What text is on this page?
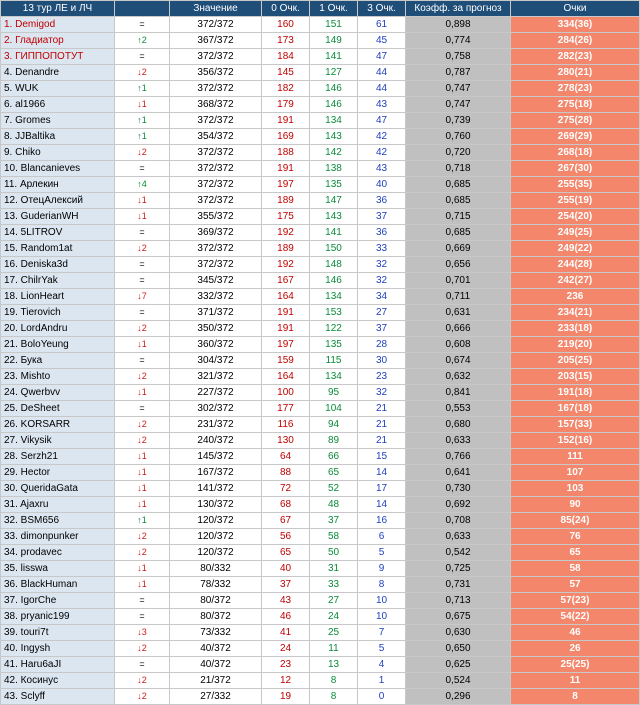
13 тур ЛЕ и ЛЧ		Значение	0 Очк.	1 Очк.	3 Очк.	Коэфф. за прогноз	Очки
1. Demigod	=	372/372	160	151	61	0,898	334(36)
2. Гладиатор	↑2	367/372	173	149	45	0,774	284(26)
3. ГИППОПОТУТ	=	372/372	184	141	47	0,758	282(23)
4. Denandre	↓2	356/372	145	127	44	0,787	280(21)
5. WUK	↑1	372/372	182	146	44	0,747	278(23)
6. al1966	↓1	368/372	179	146	43	0,747	275(18)
7. Gromes	↑1	372/372	191	134	47	0,739	275(28)
8. JJBaltika	↑1	354/372	169	143	42	0,760	269(29)
9. Chiko	↓2	372/372	188	142	42	0,720	268(18)
10. Blancanieves	=	372/372	191	138	43	0,718	267(30)
11. Арлекин	↑4	372/372	197	135	40	0,685	255(35)
12. ОтецАлексий	↓1	372/372	189	147	36	0,685	255(19)
13. GuderianWH	↓1	355/372	175	143	37	0,715	254(20)
14. 5LITROV	=	369/372	192	141	36	0,685	249(25)
15. Random1at	↓2	372/372	189	150	33	0,669	249(22)
16. Deniska3d	=	372/372	192	148	32	0,656	244(28)
17. ChilrYak	=	345/372	167	146	32	0,701	242(27)
18. LionHeart	↓7	332/372	164	134	34	0,711	236
19. Tierovich	=	371/372	191	153	27	0,631	234(21)
20. LordAndru	↓2	350/372	191	122	37	0,666	233(18)
21. BoloYeung	↓1	360/372	197	135	28	0,608	219(20)
22. Бука	=	304/372	159	115	30	0,674	205(25)
23. Mishto	↓2	321/372	164	134	23	0,632	203(15)
24. Qwerbvv	↓1	227/372	100	95	32	0,841	191(18)
25. DeSheet	=	302/372	177	104	21	0,553	167(18)
26. KORSARR	↓2	231/372	116	94	21	0,680	157(33)
27. Vikysik	↓2	240/372	130	89	21	0,633	152(16)
28. Serzh21	↓1	145/372	64	66	15	0,766	111
29. Hector	↓1	167/372	88	65	14	0,641	107
30. QueridaGata	↓1	141/372	72	52	17	0,730	103
31. Ajaxru	↓1	130/372	68	48	14	0,692	90
32. BSM656	↑1	120/372	67	37	16	0,708	85(24)
33. dimonpunker	↓2	120/372	56	58	6	0,633	76
34. prodavec	↓2	120/372	65	50	5	0,542	65
35. lisswa	↓1	80/332	40	31	9	0,725	58
36. BlackHuman	↓1	78/332	37	33	8	0,731	57
37. IgorChe	=	80/372	43	27	10	0,713	57(23)
38. pryanic199	=	80/372	46	24	10	0,675	54(22)
39. touri7t	↓3	73/332	41	25	7	0,630	46
40. Ingysh	↓2	40/372	24	11	5	0,650	26
41. Haru6aJI	=	40/372	23	13	4	0,625	25(25)
42. Косинус	↓2	21/372	12	8	1	0,524	11
43. Sclyff	↓2	27/332	19	8	0	0,296	8
